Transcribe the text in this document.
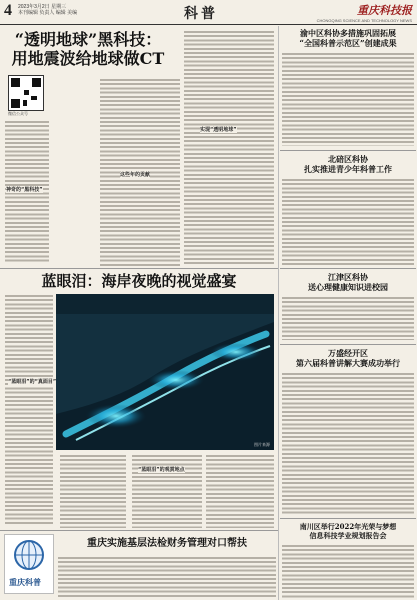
4 2023年3月2日 星期三
本刊编辑 负责人 编辑 美编	科普	重庆科技报
CHONGQING SCIENCE AND TECHNOLOGY NEWS
“透明地球”黑科技：
用地震波给地球做CT
微信公众号
神奇的“黑科技”
这些年的贡献
实现“透明地球”
蓝眼泪：海岸夜晚的视觉盛宴
“蓝眼泪”的“真面目”
图片来源
“蓝眼泪”的观赏地点
重庆科普
重庆实施基层法检财务管理对口帮扶
渝中区科协多措施巩固拓展
“全国科普示范区”创建成果
北碚区科协
扎实推进青少年科普工作
江津区科协
送心理健康知识进校园
万盛经开区
第六届科普讲解大赛成功举行
南川区举行2022年光荣与梦想
信息科技学业规划报告会
